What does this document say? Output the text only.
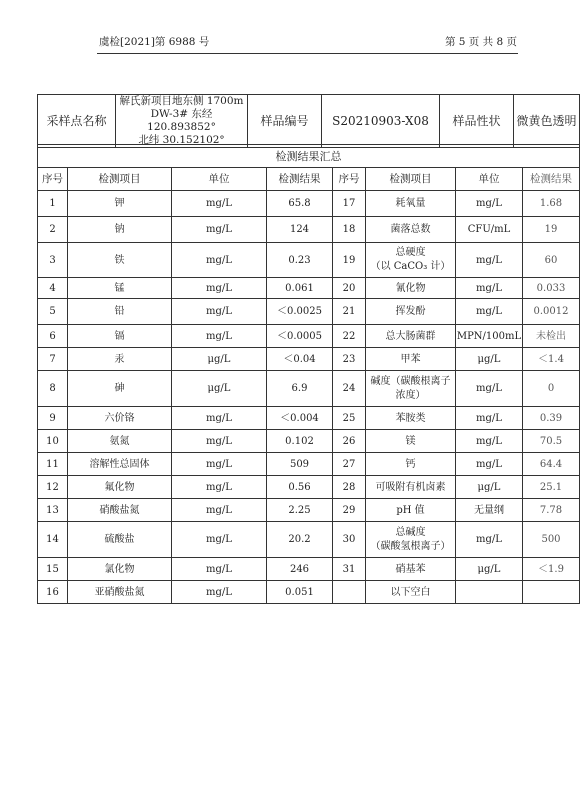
虞检[2021]第 6988 号	第 5 页 共 8 页
采样点名称	
解氏新项目地东侧 1700m
DW-3# 东经 120.893852°
北纬 30.152102°
	样品编号	S20210903-X08	样品性状	微黄色透明
检测结果汇总							
序号	检测项目	单位	检测结果	序号	检测项目	单位	检测结果
1	钾	mg/L	65.8	17	耗氧量	mg/L	1.68
2	钠	mg/L	124	18	菌落总数	CFU/mL	19
3	铁	mg/L	0.23	19	总硬度
（以 CaCO₃ 计）	mg/L	60
4	锰	mg/L	0.061	20	氰化物	mg/L	0.033
5	铅	mg/L	＜0.0025	21	挥发酚	mg/L	0.0012
6	镉	mg/L	＜0.0005	22	总大肠菌群	MPN/100mL	未检出
7	汞	μg/L	＜0.04	23	甲苯	μg/L	＜1.4
8	砷	μg/L	6.9	24	碱度（碳酸根离子
浓度）	mg/L	0
9	六价铬	mg/L	＜0.004	25	苯胺类	mg/L	0.39
10	氨氮	mg/L	0.102	26	镁	mg/L	70.5
11	溶解性总固体	mg/L	509	27	钙	mg/L	64.4
12	氟化物	mg/L	0.56	28	可吸附有机卤素	μg/L	25.1
13	硝酸盐氮	mg/L	2.25	29	pH 值	无量纲	7.78
14	硫酸盐	mg/L	20.2	30	总碱度
（碳酸氢根离子）	mg/L	500
15	氯化物	mg/L	246	31	硝基苯	μg/L	＜1.9
16	亚硝酸盐氮	mg/L	0.051		以下空白		
